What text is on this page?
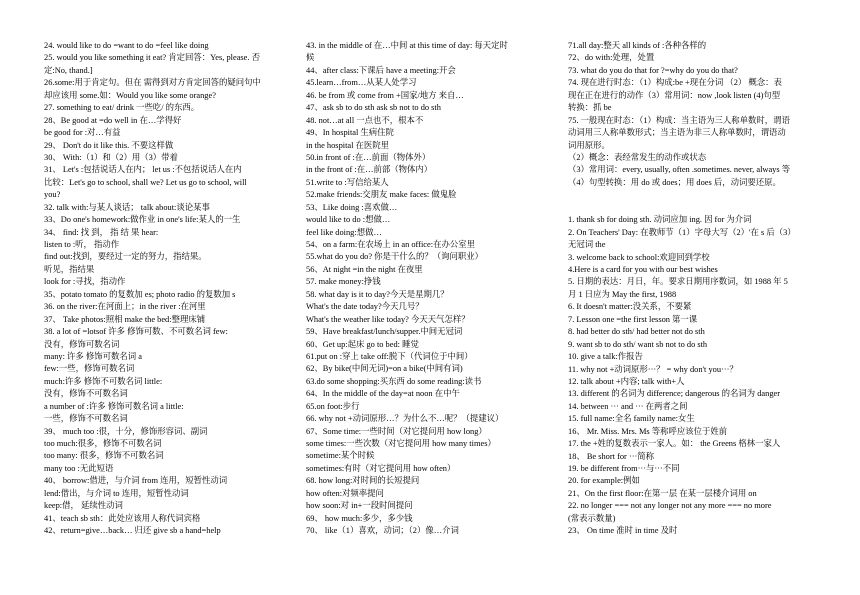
24. would like to do =want to do =feel like doing
25. would you like something it eat? 肯定回答：Yes, please. 否
定:No, thand.]
26.some:用于肯定句。但在 需得到对方肯定回答的疑问句中
却应该用 some.如：Would you like some orange?
27. something to eat/ drink 一些吃/ 的东西。
28、Be good at =do well in 在…学得好
be good for :对…有益
29、 Don't do it like this. 不要这样做
30、 With:（1）和（2）用（3）带着
31、 Let's :包括说话人在内； let us :不包括说话人在内
比较：Let's go to school, shall we? Let us go to school, will
you?
32. talk with:与某人谈话； talk about:谈论某事
33、Do one's homework:做作业 in one's life:某人的一生
34、 find: 找 到， 指 结 果 hear:
listen to :听， 指动作
find out:找到，要经过一定的努力，指结果。
听见，指结果
look for :寻找，指动作
35、potato tomato 的复数加 es; photo radio 的复数加 s
36. on the river:在河面上；in the river :在河里
37、 Take photos:照相 make the bed:整理床铺
38. a lot of =lotsof 许多 修饰可数、不可数名词 few:
没有，修饰可数名词
many: 许多 修饰可数名词 a
few:一些，修饰可数名词
much:许多 修饰不可数名词 little:
没有，修饰不可数名词
a number of :许多 修饰可数名词 a little:
一些，修饰不可数名词
39、 much too :很，十分，修饰形容词、副词
too much:很多，修饰不可数名词
too many: 很多，修饰不可数名词
many too :无此短语
40、 borrow:借进，与介词 from 连用，短暂性动词
lend:借出，与介词 to 连用，短暂性动词
keep:借， 延续性动词
41、teach sb sth：此处应该用人称代词宾格
42、return=give…back… 归还 give sb a hand=help
43. in the middle of 在…中间 at this time of day: 每天定时
候
44、after class:下课后 have a meeting:开会
45.learn…from…从某人处学习
46. be from 或 come from +国家/地方 来自…
47、ask sb to do sth ask sb not to do sth
48. not…at all 一点也不，根本不
49、In hospital 生病住院
in the hospital 在医院里
50.in front of :在…前面（物体外）
in the front of :在…前部（物体内）
51.write to :写信给某人
52.make friends:交朋友 make faces: 做鬼脸
53、Like doing :喜欢做…
would like to do :想做…
feel like doing:想做…
54、on a farm:在农场上 in an office:在办公室里
55.what do you do? 你是干什么的？（询问职业）
56、At night =in the night 在夜里
57. make money:挣钱
58. what day is it to day?今天是星期几？
What's the date today?今天几号？
What's the weather like today? 今天天气怎样？
59、Have breakfast/lunch/supper.中间无冠词
60、Get up:起床 go to bed: 睡觉
61.put on :穿上 take off:脱下（代词位于中间）
62、By bike(中间无词)=on a bike(中间有词)
63.do some shopping:买东西 do some reading:读书
64、In the middle of the day=at noon 在中午
65.on foot:步行
66. why not +动词原形…？为什么不…呢？（提建议）
67、Some time:一些时间（对它提问用 how long）
some times:一些次数（对它提问用 how many times）
sometime:某个时候
sometimes:有时（对它提问用 how often）
68. how long:对时间的长短提问
how often:对频率提问
how soon:对 in+一段时间提问
69、 how much:多少，多少钱
70、 like（1）喜欢，动词；（2）像…介词
71.all day:整天 all kinds of :各种各样的
72、do with:处理，处置
73. what do you do that for ?=why do you do that?
74. 现在进行时态：（1）构成:be +现在分词 （2） 概念：表
现在正在进行的动作（3）常用词：now ,look listen (4)句型
转换：抓 be
75. 一般现在时态：（1）构成：当主语为三人称单数时，谓语
动词用三人称单数形式；当主语为非三人称单数时，谓语动
词用原形。
（2）概念：表经常发生的动作或状态
（3）常用词：every, usually, often .sometimes. never, always 等
（4）句型转换：用 do 或 does；用 does 后，动词要还原。
1. thank sb for doing sth. 动词应加 ing. 因 for 为介词
2. On Teachers' Day: 在教师节（1）字母大写（2）'在 s 后（3）
无冠词 the
3. welcome back to school:欢迎回到学校
4.Here is a card for you with our best wishes
5. 日期的表达：月日，年。要求日期用序数词，如 1988 年 5
月 1 日应为 May the first, 1988
6. It doesn't matter:没关系，不要紧
7. Lesson one =the first lesson 第一课
8. had better do sth/ had better not do sth
9. want sb to do sth/ want sb not to do sth
10. give a talk:作报告
11. why not +动词原形···？ = why don't you···？
12. talk about +内容; talk with+人
13. different 的名词为 difference; dangerous 的名词为 danger
14. between ··· and ··· 在两者之间
15. full name:全名 family name:女生
16、 Mr. Miss. Mrs. Ms 等称呼应该位于姓前
17. the +姓的复数表示一家人。如： the Greens 格林一家人
18、 Be short for ···简称
19. be different from···与···不同
20. for example:例如
21、On the first floor:在第一层 在某一层楼介词用 on
22. no longer === not any longer not any more === no more
(常表示数量)
23、 On time 准时 in time 及时
